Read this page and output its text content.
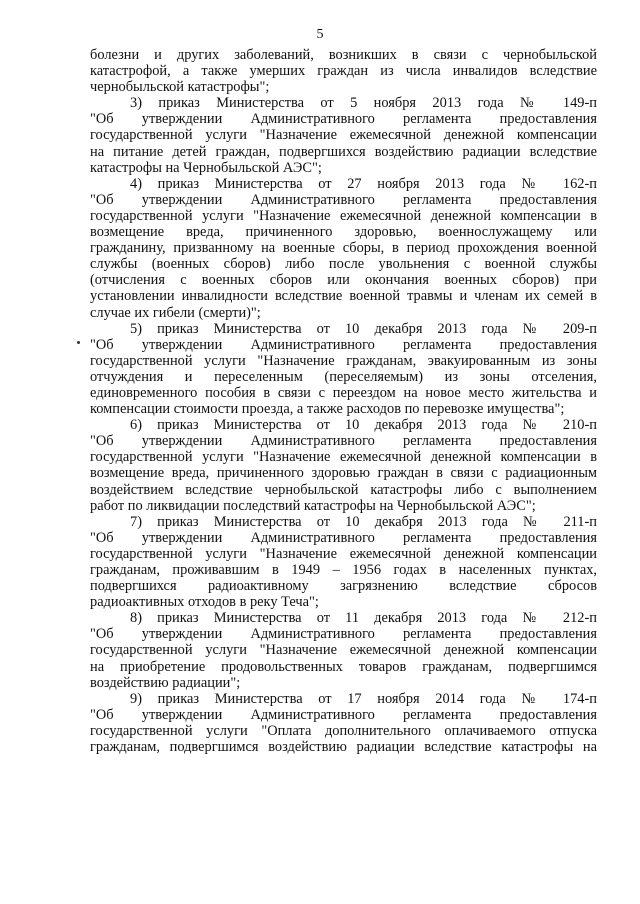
5
болезни и других заболеваний, возникших в связи с чернобыльской
катастрофой, а также умерших граждан из числа инвалидов вследствие
чернобыльской катастрофы";
3) приказ Министерства от 5 ноября 2013 года № 149-п
"Об утверждении Административного регламента предоставления
государственной услуги "Назначение ежемесячной денежной компенсации
на питание детей граждан, подвергшихся воздействию радиации вследствие
катастрофы на Чернобыльской АЭС";
4) приказ Министерства от 27 ноября 2013 года № 162-п
"Об утверждении Административного регламента предоставления
государственной услуги "Назначение ежемесячной денежной компенсации в
возмещение вреда, причиненного здоровью, военнослужащему или
гражданину, призванному на военные сборы, в период прохождения военной
службы (военных сборов) либо после увольнения с военной службы
(отчисления с военных сборов или окончания военных сборов) при
установлении инвалидности вследствие военной травмы и членам их семей в
случае их гибели (смерти)";
5) приказ Министерства от 10 декабря 2013 года № 209-п
"Об утверждении Административного регламента предоставления
государственной услуги "Назначение гражданам, эвакуированным из зоны
отчуждения и переселенным (переселяемым) из зоны отселения,
единовременного пособия в связи с переездом на новое место жительства и
компенсации стоимости проезда, а также расходов по перевозке имущества";
6) приказ Министерства от 10 декабря 2013 года № 210-п
"Об утверждении Административного регламента предоставления
государственной услуги "Назначение ежемесячной денежной компенсации в
возмещение вреда, причиненного здоровью граждан в связи с радиационным
воздействием вследствие чернобыльской катастрофы либо с выполнением
работ по ликвидации последствий катастрофы на Чернобыльской АЭС";
7) приказ Министерства от 10 декабря 2013 года № 211-п
"Об утверждении Административного регламента предоставления
государственной услуги "Назначение ежемесячной денежной компенсации
гражданам, проживавшим в 1949 – 1956 годах в населенных пунктах,
подвергшихся радиоактивному загрязнению вследствие сбросов
радиоактивных отходов в реку Теча";
8) приказ Министерства от 11 декабря 2013 года № 212-п
"Об утверждении Административного регламента предоставления
государственной услуги "Назначение ежемесячной денежной компенсации
на приобретение продовольственных товаров гражданам, подвергшимся
воздействию радиации";
9) приказ Министерства от 17 ноября 2014 года № 174-п
"Об утверждении Административного регламента предоставления
государственной услуги "Оплата дополнительного оплачиваемого отпуска
гражданам, подвергшимся воздействию радиации вследствие катастрофы на
